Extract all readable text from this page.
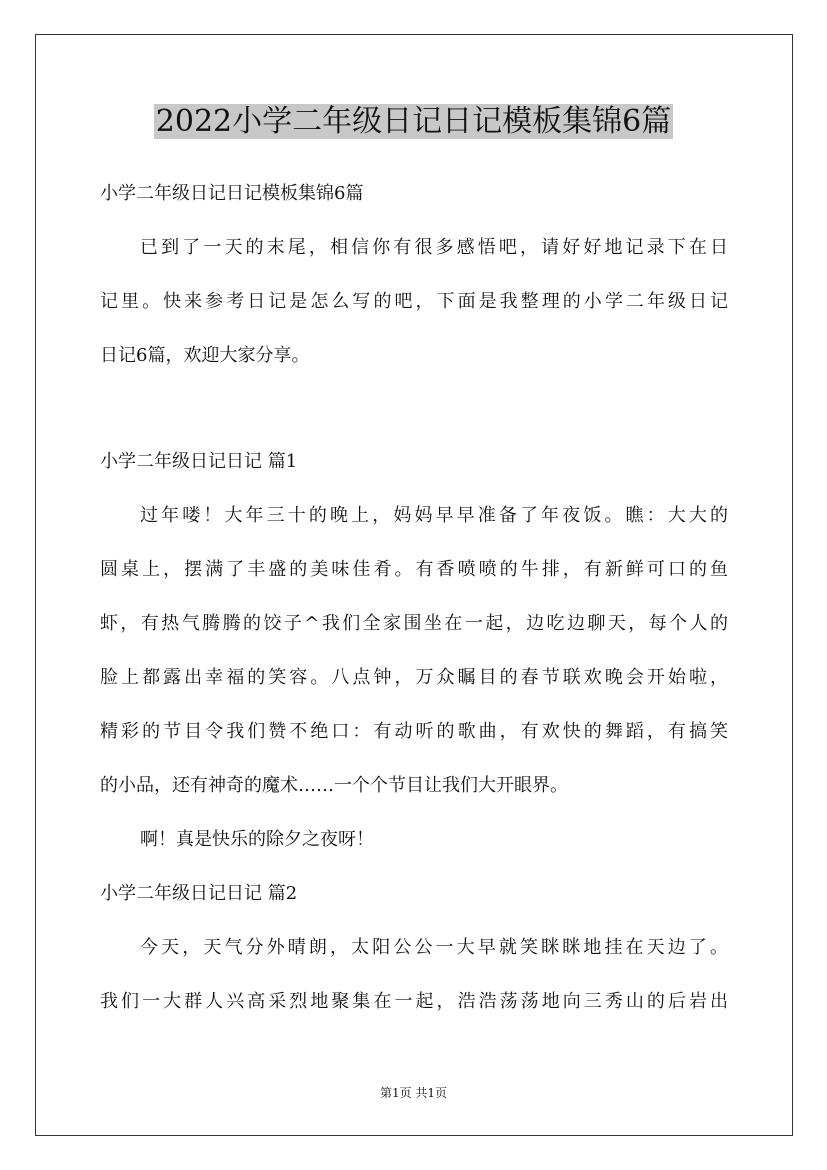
2022小学二年级日记日记模板集锦6篇

小学二年级日记日记模板集锦6篇

已到了一天的末尾，相信你有很多感悟吧，请好好地记录下在日

记里。快来参考日记是怎么写的吧，下面是我整理的小学二年级日记

日记6篇，欢迎大家分享。

小学二年级日记日记 篇1

过年喽！大年三十的晚上，妈妈早早准备了年夜饭。瞧：大大的

圆桌上，摆满了丰盛的美味佳肴。有香喷喷的牛排，有新鲜可口的鱼

虾，有热气腾腾的饺子^我们全家围坐在一起，边吃边聊天，每个人的

脸上都露出幸福的笑容。八点钟，万众瞩目的春节联欢晚会开始啦，

精彩的节目令我们赞不绝口：有动听的歌曲，有欢快的舞蹈，有搞笑

的小品，还有神奇的魔术……一个个节目让我们大开眼界。

啊！真是快乐的除夕之夜呀！

小学二年级日记日记 篇2

今天，天气分外晴朗，太阳公公一大早就笑眯眯地挂在天边了。

我们一大群人兴高采烈地聚集在一起，浩浩荡荡地向三秀山的后岩出

第1页 共1页
